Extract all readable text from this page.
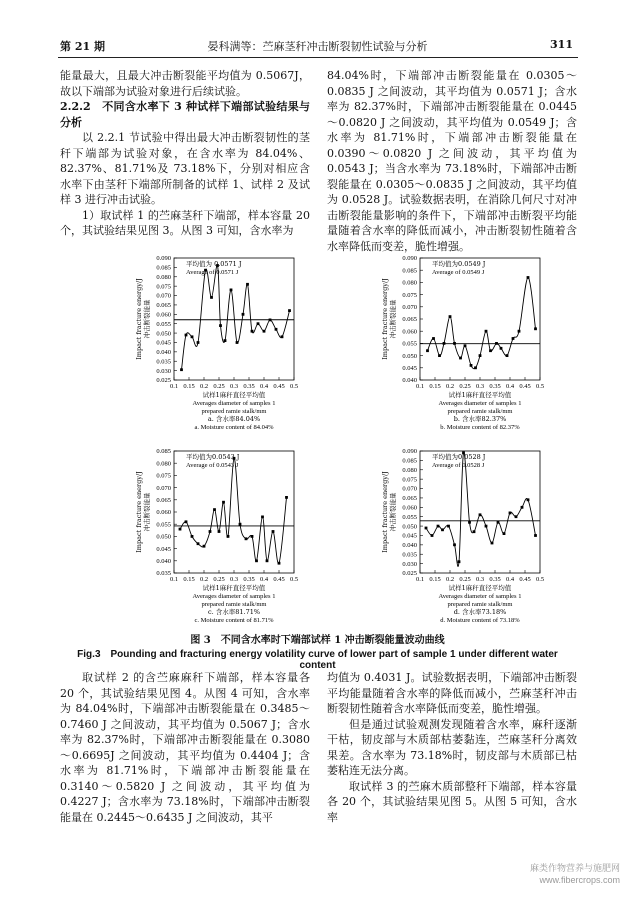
第 21 期	晏科满等：苎麻茎秆冲击断裂韧性试验与分析	311

能量最大，且最大冲击断裂能平均值为 0.5067J，故以下端部为试验对象进行后续试验。

2.2.2　不同含水率下 3 种试样下端部试验结果与分析

以 2.2.1 节试验中得出最大冲击断裂韧性的茎秆下端部为试验对象，在含水率为 84.04%、82.37%、81.71%及 73.18%下，分别对相应含水率下由茎秆下端部所制备的试样 1、试样 2 及试样 3 进行冲击试验。

1）取试样 1 的苎麻茎秆下端部，样本容量 20 个，其试验结果见图 3。从图 3 可知，含水率为

84.04%时，下端部冲击断裂能量在 0.0305～0.0835 J 之间波动，其平均值为 0.0571 J；含水率为 82.37%时，下端部冲击断裂能量在 0.0445～0.0820 J 之间波动，其平均值为 0.0549 J；含水率为 81.71%时，下端部冲击断裂能量在 0.0390～0.0820 J 之间波动，其平均值为 0.0543 J；当含水率为 73.18%时，下端部冲击断裂能量在 0.0305～0.0835 J 之间波动，其平均值为 0.0528 J。试验数据表明，在消除几何尺寸对冲击断裂能量影响的条件下，下端部冲击断裂平均能量随着含水率的降低而减小，冲击断裂韧性随着含水率降低而变差，脆性增强。

0.025
0.030
0.035
0.040
0.045
0.050
0.055
0.060
0.065
0.070
0.075
0.080
0.085
0.090
0.1 0.15 0.2 0.25 0.3 0.35 0.4 0.45 0.5
Impact fracture energy/J 冲击断裂能量
平均值为 0.0571 J
Average of 0.0571 J
试样1麻秆直径平均值
Averages diameter of samples 1
prepared ramie stalk/mm
a. 含水率84.04%
a. Moisture content of 84.04%
0.040
0.045
0.050
0.055
0.060
0.065
0.070
0.075
0.080
0.085
0.090
0.1 0.15 0.2 0.25 0.3 0.35 0.4 0.45 0.5
Impact fracture energy/J 冲击断裂能量
平均值为0.0549 J
Average of 0.0549 J
试样1麻秆直径平均值
Averages diameter of samples 1
prepared ramie stalk/mm
b. 含水率82.37%
b. Moisture content of 82.37%
0.035
0.040
0.045
0.050
0.055
0.060
0.065
0.070
0.075
0.080
0.085
0.1 0.15 0.2 0.25 0.3 0.35 0.4 0.45 0.5
Impact fracture energy/J 冲击断裂能量
平均值为0.0543 J
Average of 0.0543 J
试样1麻秆直径平均值
Averages diameter of samples 1
prepared ramie stalk/mm
c. 含水率81.71%
c. Moisture content of 81.71%
0.025
0.030
0.035
0.040
0.045
0.050
0.055
0.060
0.065
0.070
0.075
0.080
0.085
0.090
0.1 0.15 0.2 0.25 0.3 0.35 0.4 0.45 0.5
Impact fracture energy/J 冲击断裂能量
平均值为0.0528 J
Average of 0.0528 J
试样1麻秆直径平均值
Averages diameter of samples 1
prepared ramie stalk/mm
d. 含水率73.18%
d. Moisture content of 73.18%
图 3　不同含水率时下端部试样 1 冲击断裂能量波动曲线
Fig.3　Pounding and fracturing energy volatility curve of lower part of sample 1 under different water content

取试样 2 的含苎麻麻秆下端部，样本容量各 20 个，其试验结果见图 4。从图 4 可知，含水率为 84.04%时，下端部冲击断裂能量在 0.3485～0.7460 J 之间波动，其平均值为 0.5067 J；含水率为 82.37%时，下端部冲击断裂能量在 0.3080～0.6695J 之间波动，其平均值为 0.4404 J；含水率为 81.71%时，下端部冲击断裂能量在 0.3140～0.5820 J 之间波动，其平均值为 0.4227 J；含水率为 73.18%时，下端部冲击断裂能量在 0.2445～0.6435 J 之间波动，其平

均值为 0.4031 J。试验数据表明，下端部冲击断裂平均能量随着含水率的降低而减小，苎麻茎秆冲击断裂韧性随着含水率降低而变差，脆性增强。

但是通过试验观测发现随着含水率，麻秆逐渐干枯，韧皮部与木质部枯萎黏连，苎麻茎秆分离效果差。含水率为 73.18%时，韧皮部与木质部已枯萎粘连无法分离。

取试样 3 的苎麻木质部整秆下端部，样本容量各 20 个，其试验结果见图 5。从图 5 可知，含水率

麻类作物营养与施肥网
www.fibercrops.com
